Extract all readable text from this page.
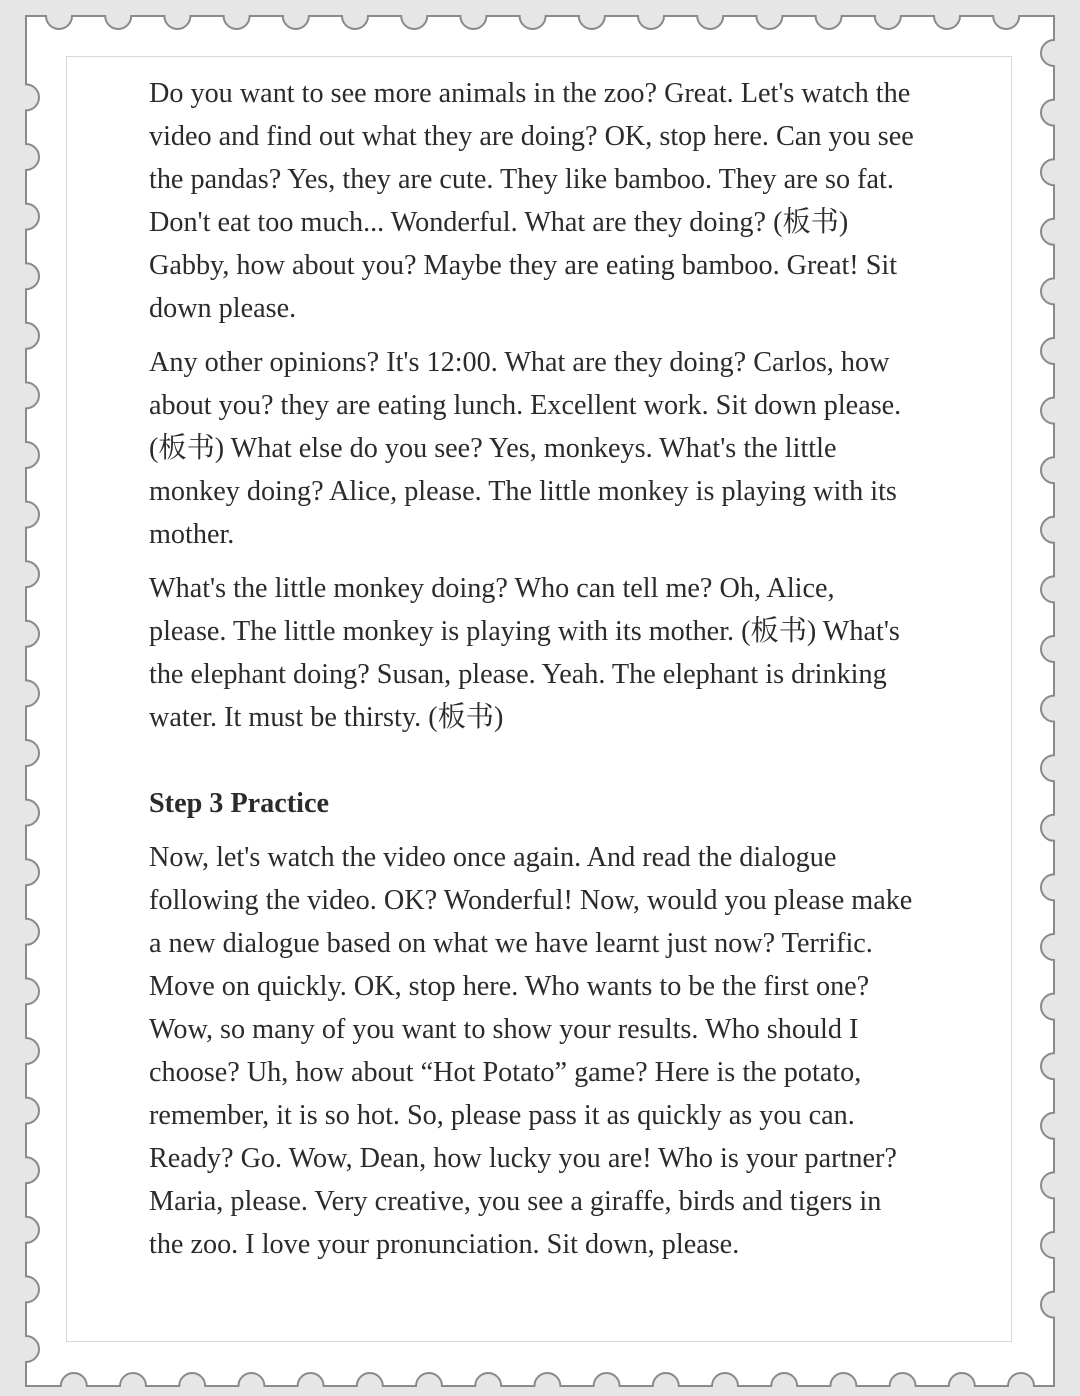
Do you want to see more animals in the zoo? Great. Let's watch the video and find out what they are doing? OK, stop here. Can you see the pandas? Yes, they are cute. They like bamboo. They are so fat. Don't eat too much... Wonderful. What are they doing? (板书) Gabby, how about you? Maybe they are eating bamboo. Great! Sit down please.

Any other opinions? It's 12:00. What are they doing? Carlos, how about you? they are eating lunch. Excellent work. Sit down please. (板书) What else do you see? Yes, monkeys. What's the little monkey doing? Alice, please. The little monkey is playing with its mother.

What's the little monkey doing? Who can tell me? Oh, Alice, please. The little monkey is playing with its mother. (板书) What's the elephant doing? Susan, please. Yeah. The elephant is drinking water. It must be thirsty. (板书)

Step 3 Practice

Now, let's watch the video once again. And read the dialogue following the video. OK? Wonderful! Now, would you please make a new dialogue based on what we have learnt just now? Terrific. Move on quickly. OK, stop here. Who wants to be the first one? Wow, so many of you want to show your results. Who should I choose? Uh, how about “Hot Potato” game? Here is the potato, remember, it is so hot. So, please pass it as quickly as you can. Ready? Go. Wow, Dean, how lucky you are! Who is your partner? Maria, please. Very creative, you see a giraffe, birds and tigers in the zoo. I love your pronunciation. Sit down, please.
